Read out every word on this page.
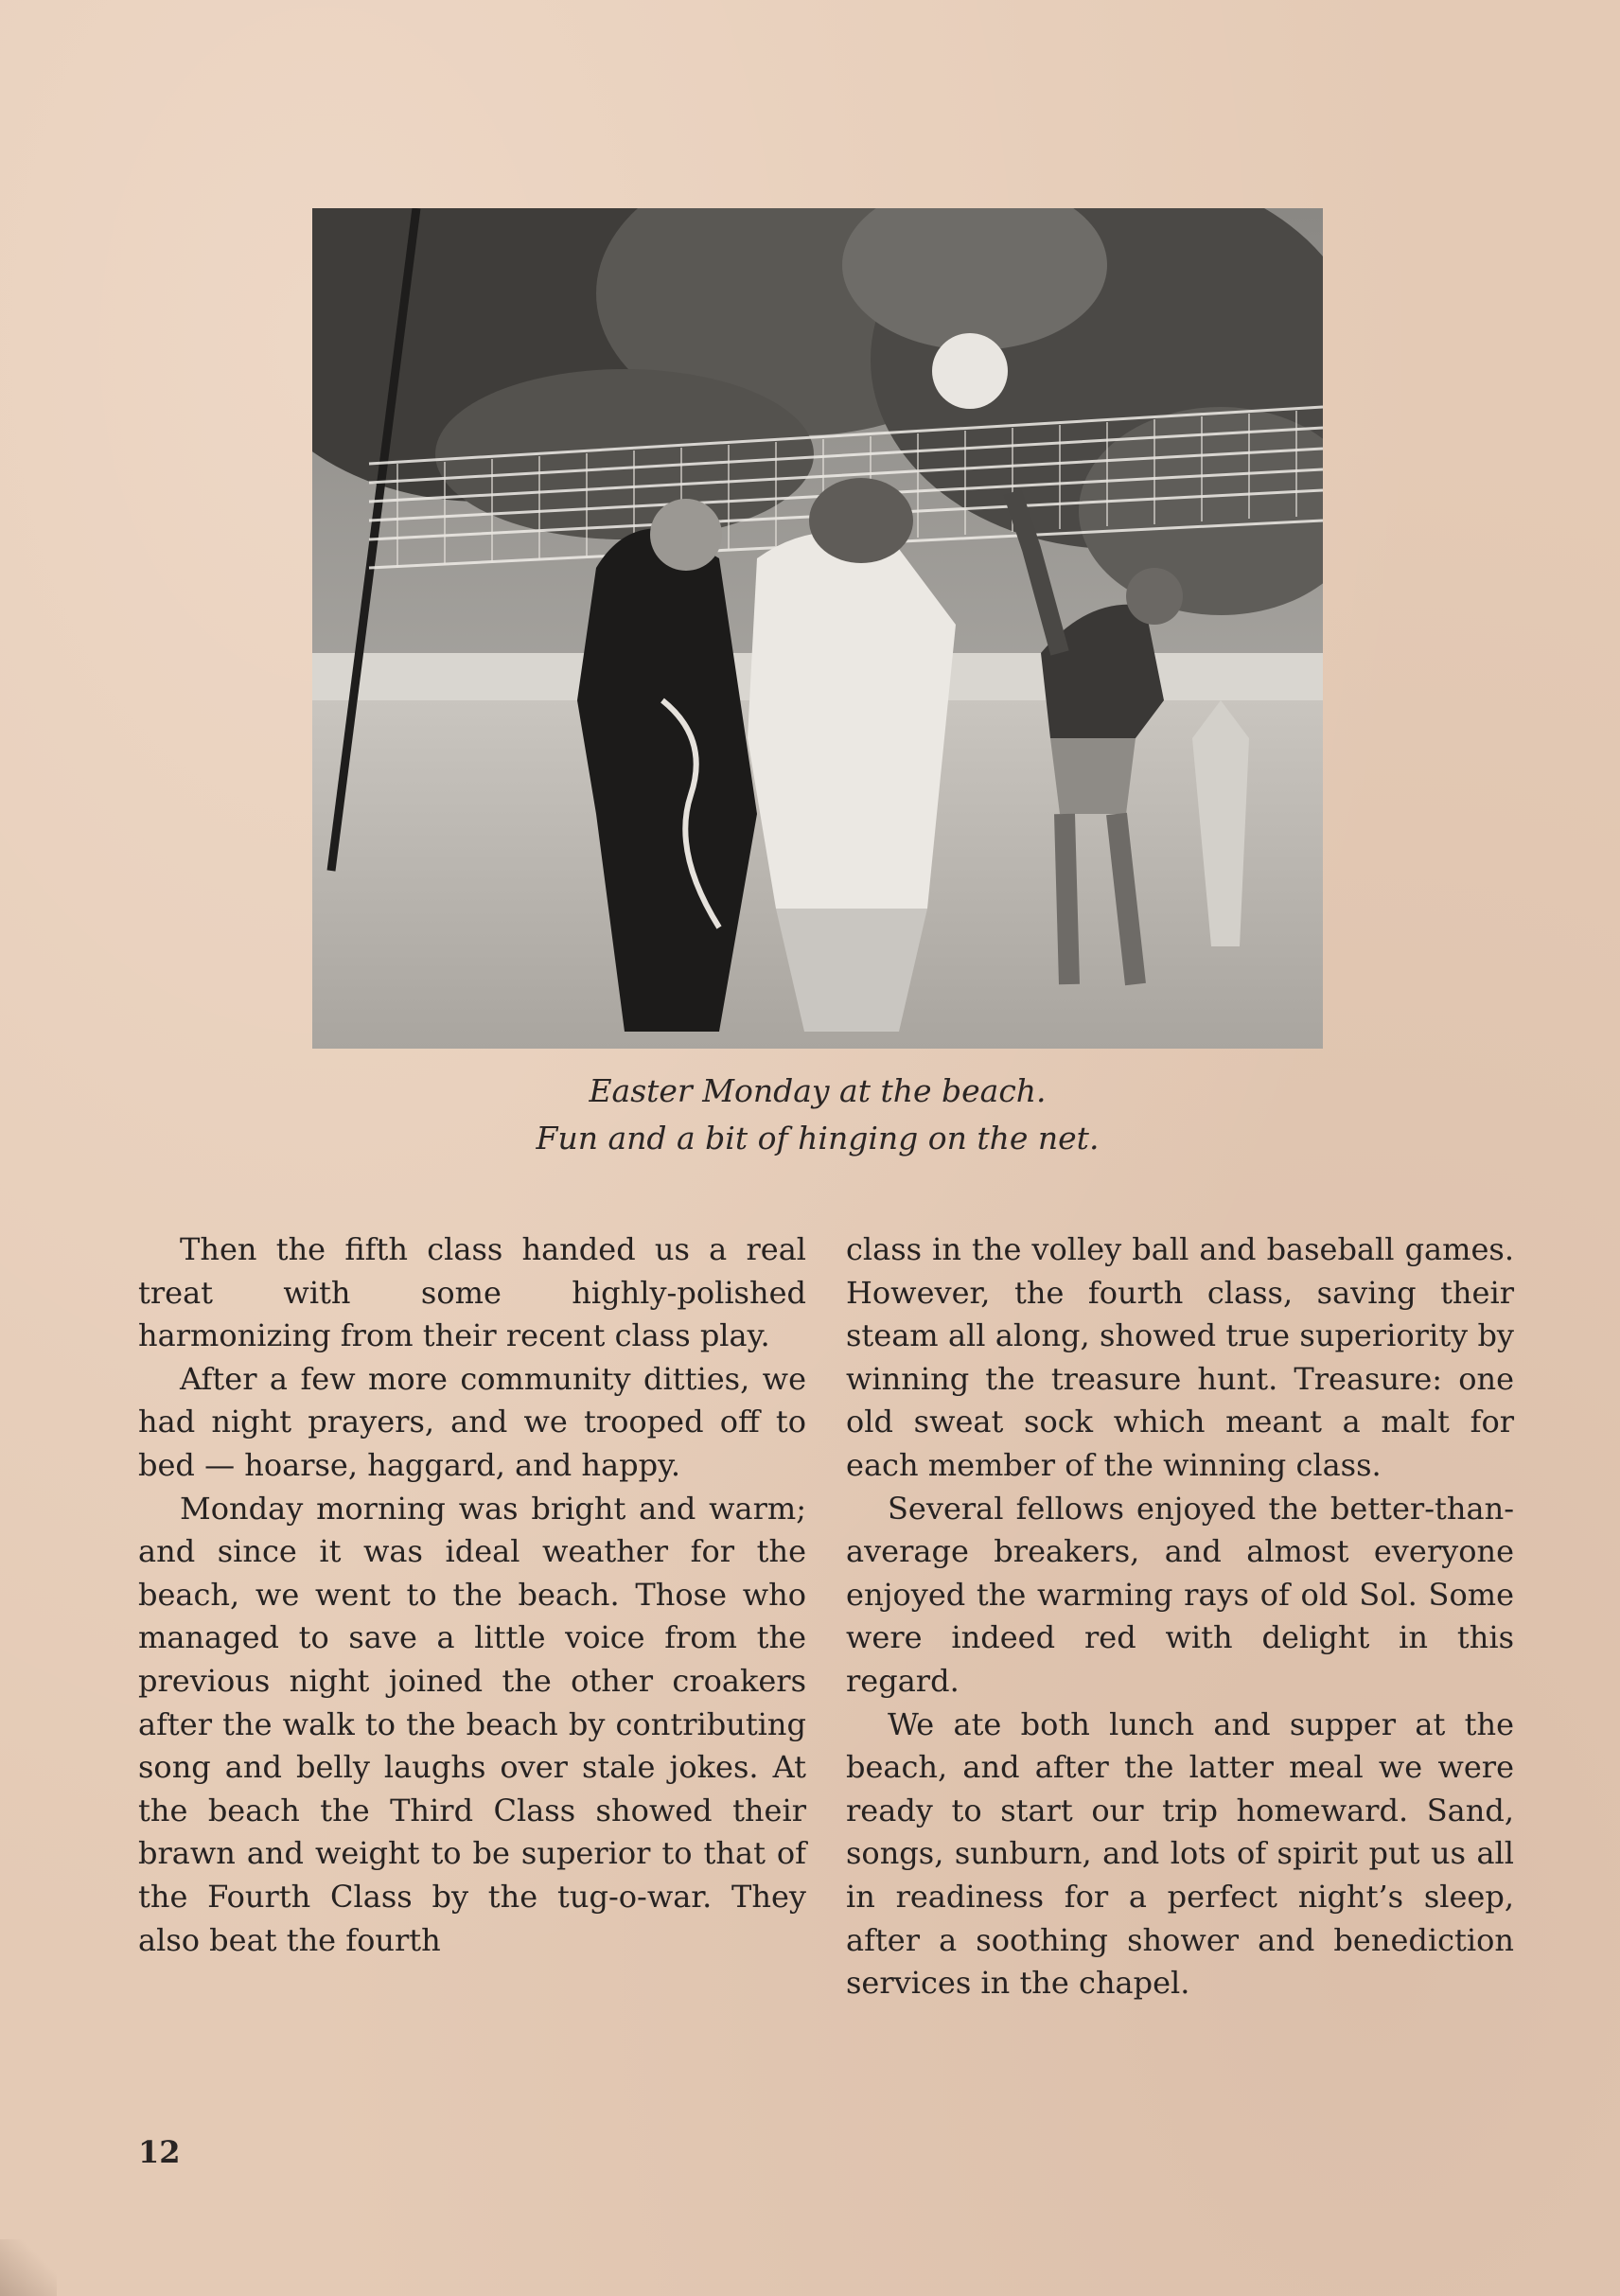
Easter Monday at the beach.
Fun and a bit of hinging on the net.

Then the fifth class handed us a real treat with some highly-polished harmonizing from their recent class play.

After a few more community ditties, we had night prayers, and we trooped off to bed — hoarse, haggard, and happy.

Monday morning was bright and warm; and since it was ideal weather for the beach, we went to the beach. Those who managed to save a little voice from the previous night joined the other croakers after the walk to the beach by contributing song and belly laughs over stale jokes. At the beach the Third Class showed their brawn and weight to be superior to that of the Fourth Class by the tug-o-war. They also beat the fourth

class in the volley ball and baseball games. However, the fourth class, saving their steam all along, showed true superiority by winning the treasure hunt. Treasure: one old sweat sock which meant a malt for each member of the winning class.

Several fellows enjoyed the better-than-average breakers, and almost everyone enjoyed the warming rays of old Sol. Some were indeed red with delight in this regard.

We ate both lunch and supper at the beach, and after the latter meal we were ready to start our trip homeward. Sand, songs, sunburn, and lots of spirit put us all in readiness for a perfect night’s sleep, after a soothing shower and benediction services in the chapel.

12
